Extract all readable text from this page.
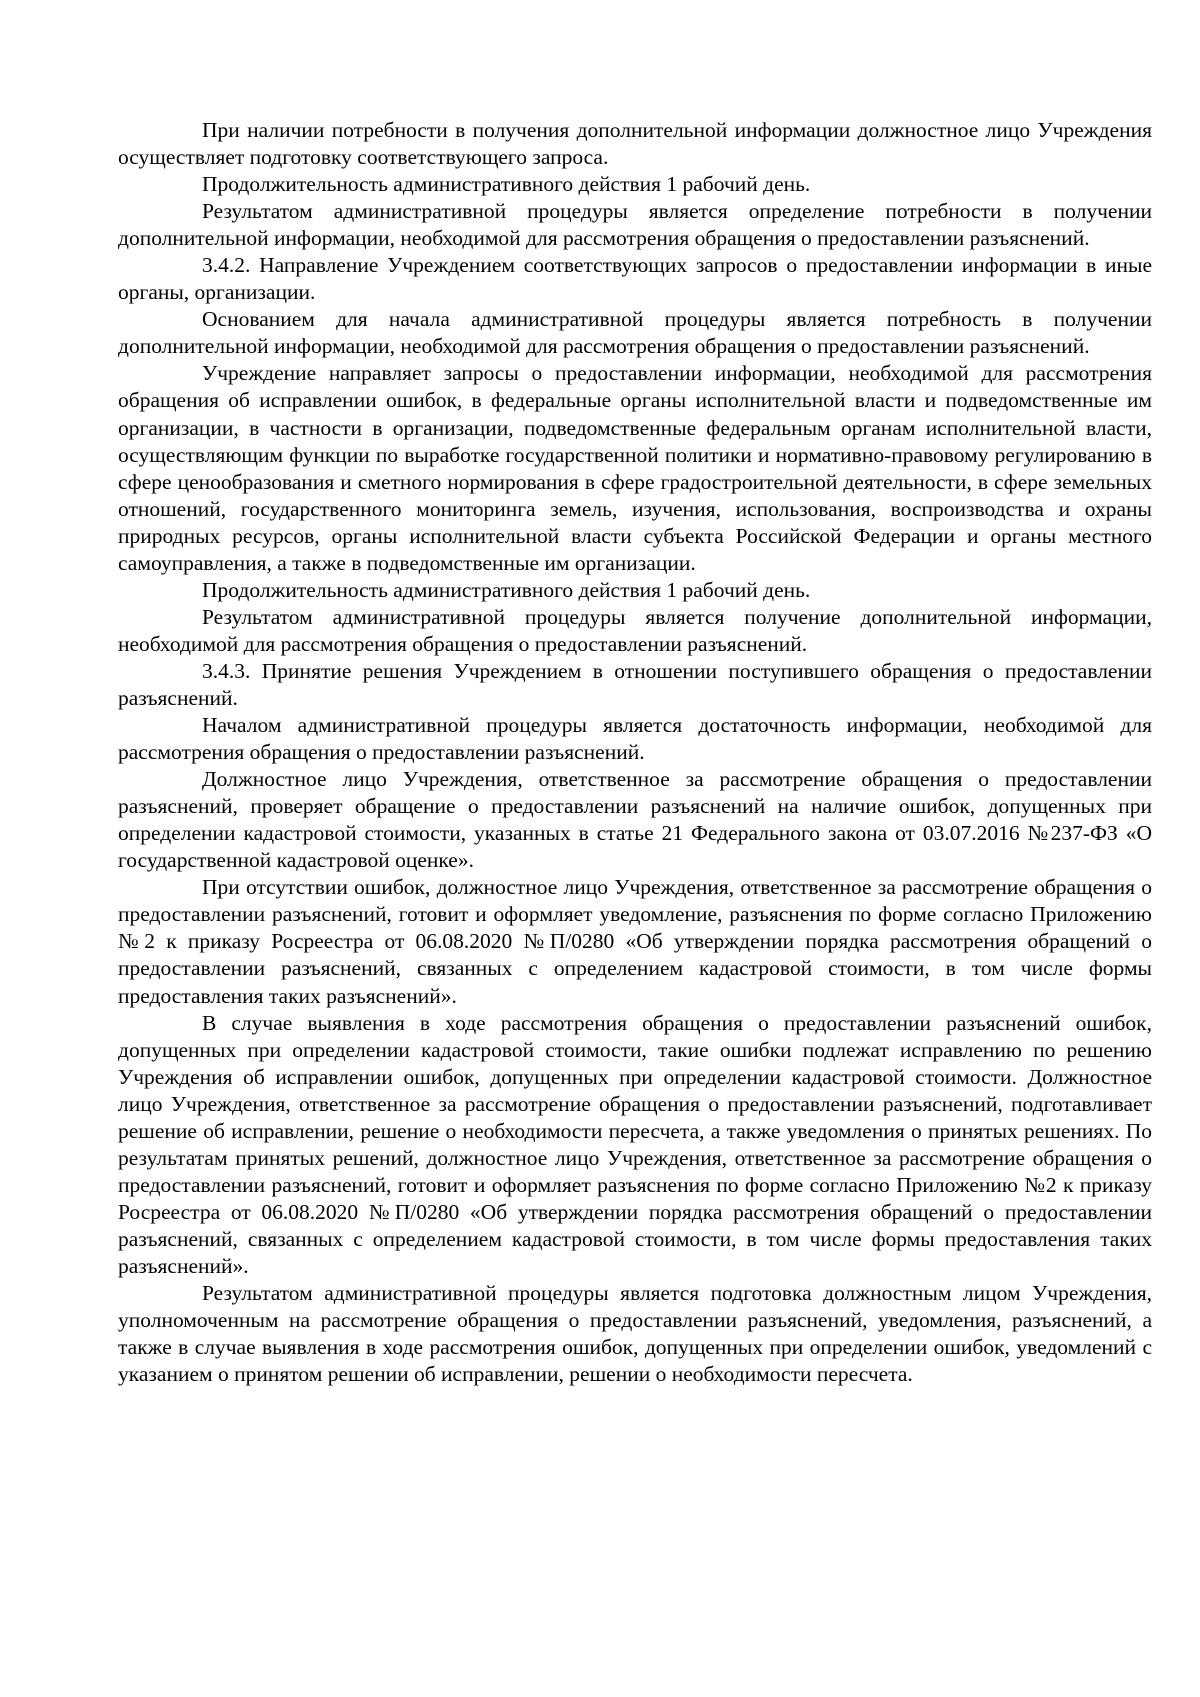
При наличии потребности в получения дополнительной информации должностное лицо Учреждения осуществляет подготовку соответствующего запроса.

Продолжительность административного действия 1 рабочий день.

Результатом административной процедуры является определение потребности в получении дополнительной информации, необходимой для рассмотрения обращения о предоставлении разъяснений.

3.4.2. Направление Учреждением соответствующих запросов о предоставлении информации в иные органы, организации.

Основанием для начала административной процедуры является потребность в получении дополнительной информации, необходимой для рассмотрения обращения о предоставлении разъяснений.

Учреждение направляет запросы о предоставлении информации, необходимой для рассмотрения обращения об исправлении ошибок, в федеральные органы исполнительной власти и подведомственные им организации, в частности в организации, подведомственные федеральным органам исполнительной власти, осуществляющим функции по выработке государственной политики и нормативно-правовому регулированию в сфере ценообразования и сметного нормирования в сфере градостроительной деятельности, в сфере земельных отношений, государственного мониторинга земель, изучения, использования, воспроизводства и охраны природных ресурсов, органы исполнительной власти субъекта Российской Федерации и органы местного самоуправления, а также в подведомственные им организации.

Продолжительность административного действия 1 рабочий день.

Результатом административной процедуры является получение дополнительной информации, необходимой для рассмотрения обращения о предоставлении разъяснений.

3.4.3. Принятие решения Учреждением в отношении поступившего обращения о предоставлении разъяснений.

Началом административной процедуры является достаточность информации, необходимой для рассмотрения обращения о предоставлении разъяснений.

Должностное лицо Учреждения, ответственное за рассмотрение обращения о предоставлении разъяснений, проверяет обращение о предоставлении разъяснений на наличие ошибок, допущенных при определении кадастровой стоимости, указанных в статье 21 Федерального закона от 03.07.2016 №237-ФЗ «О государственной кадастровой оценке».

При отсутствии ошибок, должностное лицо Учреждения, ответственное за рассмотрение обращения о предоставлении разъяснений, готовит и оформляет уведомление, разъяснения по форме согласно Приложению №2 к приказу Росреестра от 06.08.2020 №П/0280 «Об утверждении порядка рассмотрения обращений о предоставлении разъяснений, связанных с определением кадастровой стоимости, в том числе формы предоставления таких разъяснений».

В случае выявления в ходе рассмотрения обращения о предоставлении разъяснений ошибок, допущенных при определении кадастровой стоимости, такие ошибки подлежат исправлению по решению Учреждения об исправлении ошибок, допущенных при определении кадастровой стоимости. Должностное лицо Учреждения, ответственное за рассмотрение обращения о предоставлении разъяснений, подготавливает решение об исправлении, решение о необходимости пересчета, а также уведомления о принятых решениях. По результатам принятых решений, должностное лицо Учреждения, ответственное за рассмотрение обращения о предоставлении разъяснений, готовит и оформляет разъяснения по форме согласно Приложению №2 к приказу Росреестра от 06.08.2020 №П/0280 «Об утверждении порядка рассмотрения обращений о предоставлении разъяснений, связанных с определением кадастровой стоимости, в том числе формы предоставления таких разъяснений».

Результатом административной процедуры является подготовка должностным лицом Учреждения, уполномоченным на рассмотрение обращения о предоставлении разъяснений, уведомления, разъяснений, а также в случае выявления в ходе рассмотрения ошибок, допущенных при определении ошибок, уведомлений с указанием о принятом решении об исправлении, решении о необходимости пересчета.
